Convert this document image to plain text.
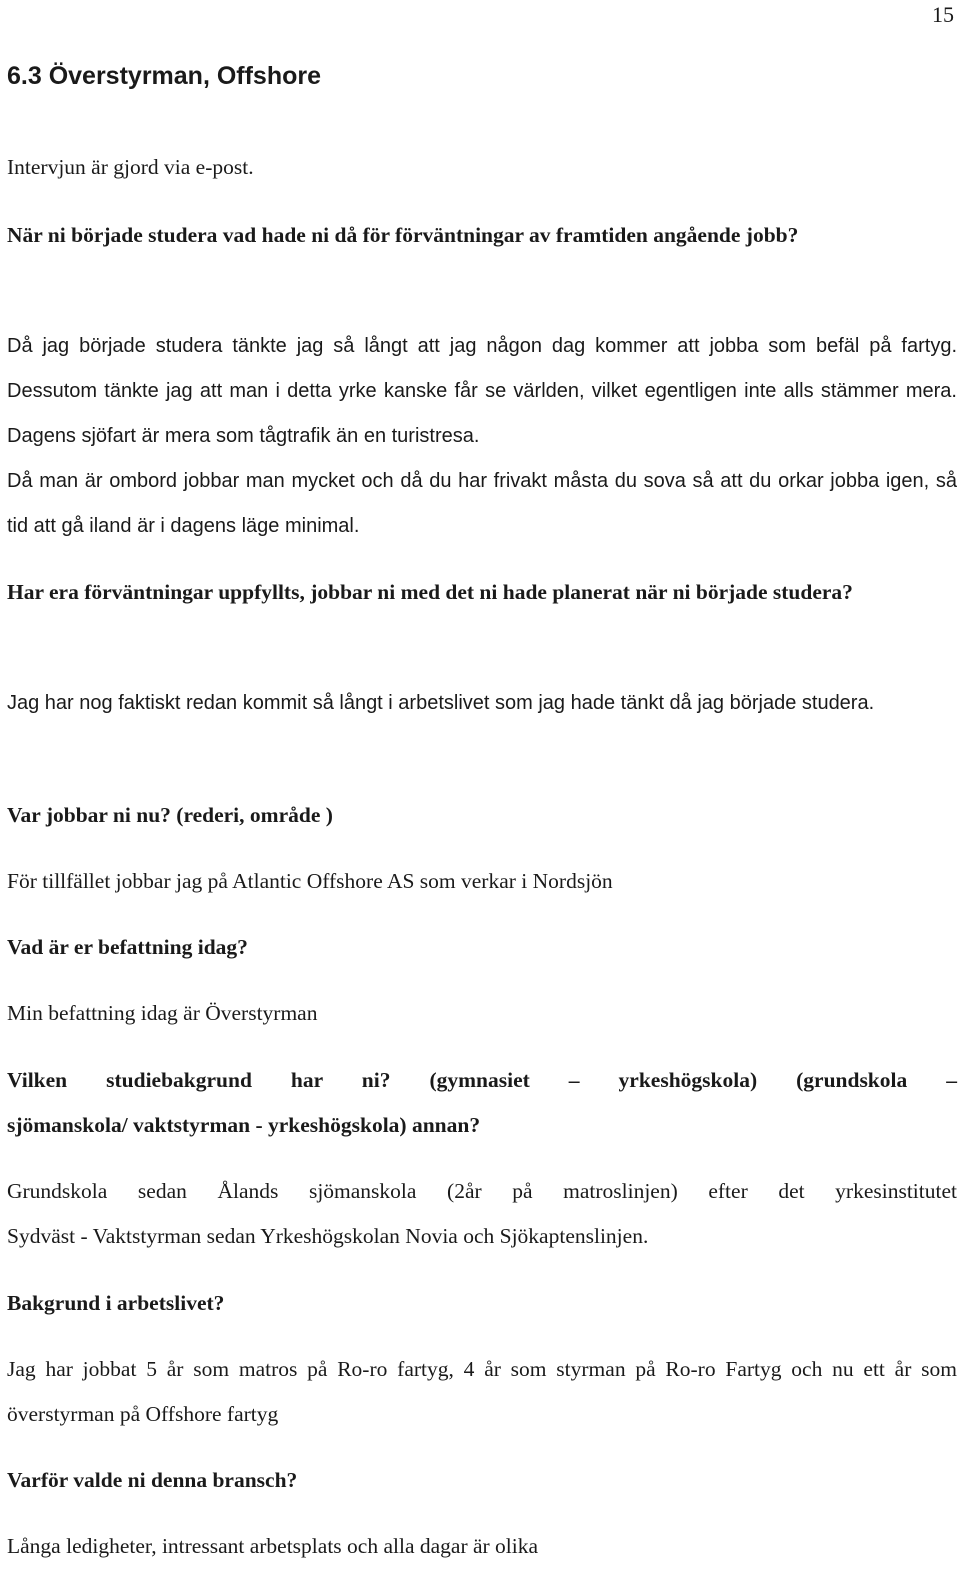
15
6.3 Överstyrman, Offshore

Intervjun är gjord via e-post.

När ni började studera vad hade ni då för förväntningar av framtiden angående jobb?

Då jag började studera tänkte jag så långt att jag någon dag kommer att jobba som befäl på fartyg. Dessutom tänkte jag att man i detta yrke kanske får se världen, vilket egentligen inte alls stämmer mera. Dagens sjöfart är mera som tågtrafik än en turistresa.

Då man är ombord jobbar man mycket och då du har frivakt måsta du sova så att du orkar jobba igen, så tid att gå iland är i dagens läge minimal.

Har era förväntningar uppfyllts, jobbar ni med det ni hade planerat när ni började studera?

Jag har nog faktiskt redan kommit så långt i arbetslivet som jag hade tänkt då jag började studera.

Var jobbar ni nu? (rederi, område )

För tillfället jobbar jag på Atlantic Offshore AS som verkar i Nordsjön

Vad är er befattning idag?

Min befattning idag är Överstyrman

Vilken studiebakgrund har ni? (gymnasiet – yrkeshögskola) (grundskola –
sjömanskola/ vaktstyrman - yrkeshögskola) annan?

Grundskola sedan Ålands sjömanskola (2år på matroslinjen) efter det yrkesinstitutet
Sydväst - Vaktstyrman sedan Yrkeshögskolan Novia och Sjökaptenslinjen.

Bakgrund i arbetslivet?

Jag har jobbat 5 år som matros på Ro-ro fartyg, 4 år som styrman på Ro-ro Fartyg och nu ett år som överstyrman på Offshore fartyg

Varför valde ni denna bransch?

Långa ledigheter, intressant arbetsplats och alla dagar är olika
